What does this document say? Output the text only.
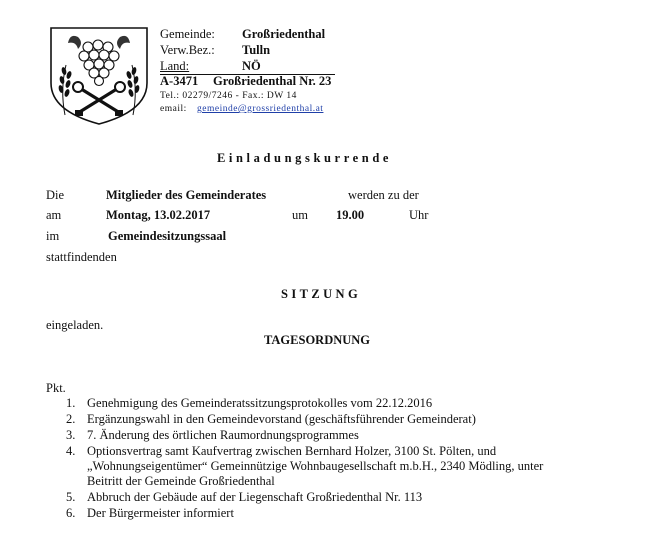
Gemeinde: Großriedenthal
Verw.Bez.: Tulln
Land:	NÖ
A-3471 Großriedenthal Nr. 23
Tel.: 02279/7246 - Fax.: DW 14
email: gemeinde@grossriedenthal.at
Einladungskurrende
Die	Mitglieder des Gemeinderates	werden zu der
am	Montag, 13.02.2017	um 19.00	Uhr
im	Gemeindesitzungssaal
stattfindenden
SITZUNG
eingeladen.
TAGESORDNUNG
Pkt.
1. Genehmigung des Gemeinderatssitzungsprotokolles vom 22.12.2016
2. Ergänzungswahl in den Gemeindevorstand (geschäftsführender Gemeinderat)
3. 7. Änderung des örtlichen Raumordnungsprogrammes
4. Optionsvertrag samt Kaufvertrag zwischen Bernhard Holzer, 3100 St. Pölten, und
„Wohnungseigentümer“ Gemeinnützige Wohnbaugesellschaft m.b.H., 2340 Mödling, unter
Beitritt der Gemeinde Großriedenthal
5. Abbruch der Gebäude auf der Liegenschaft Großriedenthal Nr. 113
6. Der Bürgermeister informiert
